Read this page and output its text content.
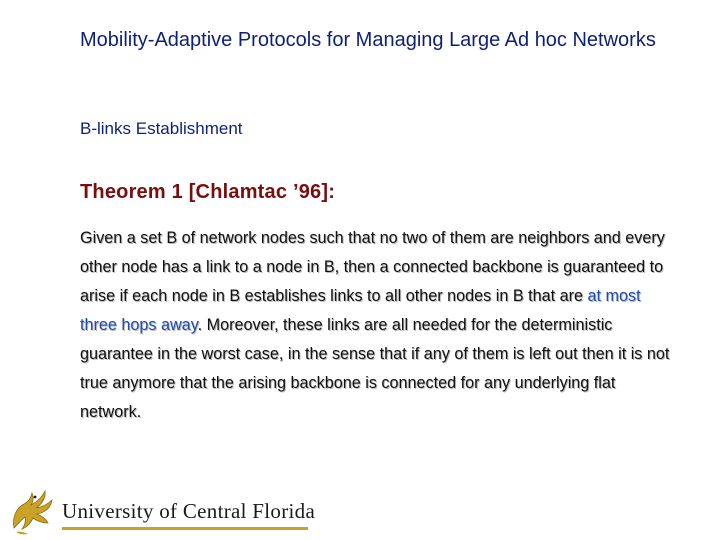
Mobility-Adaptive Protocols for Managing Large Ad hoc Networks
B-links Establishment
Theorem 1 [Chlamtac ’96]:
Given a set B of network nodes such that no two of them are neighbors and every other node has a link to a node in B, then a connected backbone is guaranteed to arise if each node in B establishes links to all other nodes in B that are at most three hops away. Moreover, these links are all needed for the deterministic guarantee in the worst case, in the sense that if any of them is left out then it is not true anymore that the arising backbone is connected for any underlying flat network.
University of Central Florida
